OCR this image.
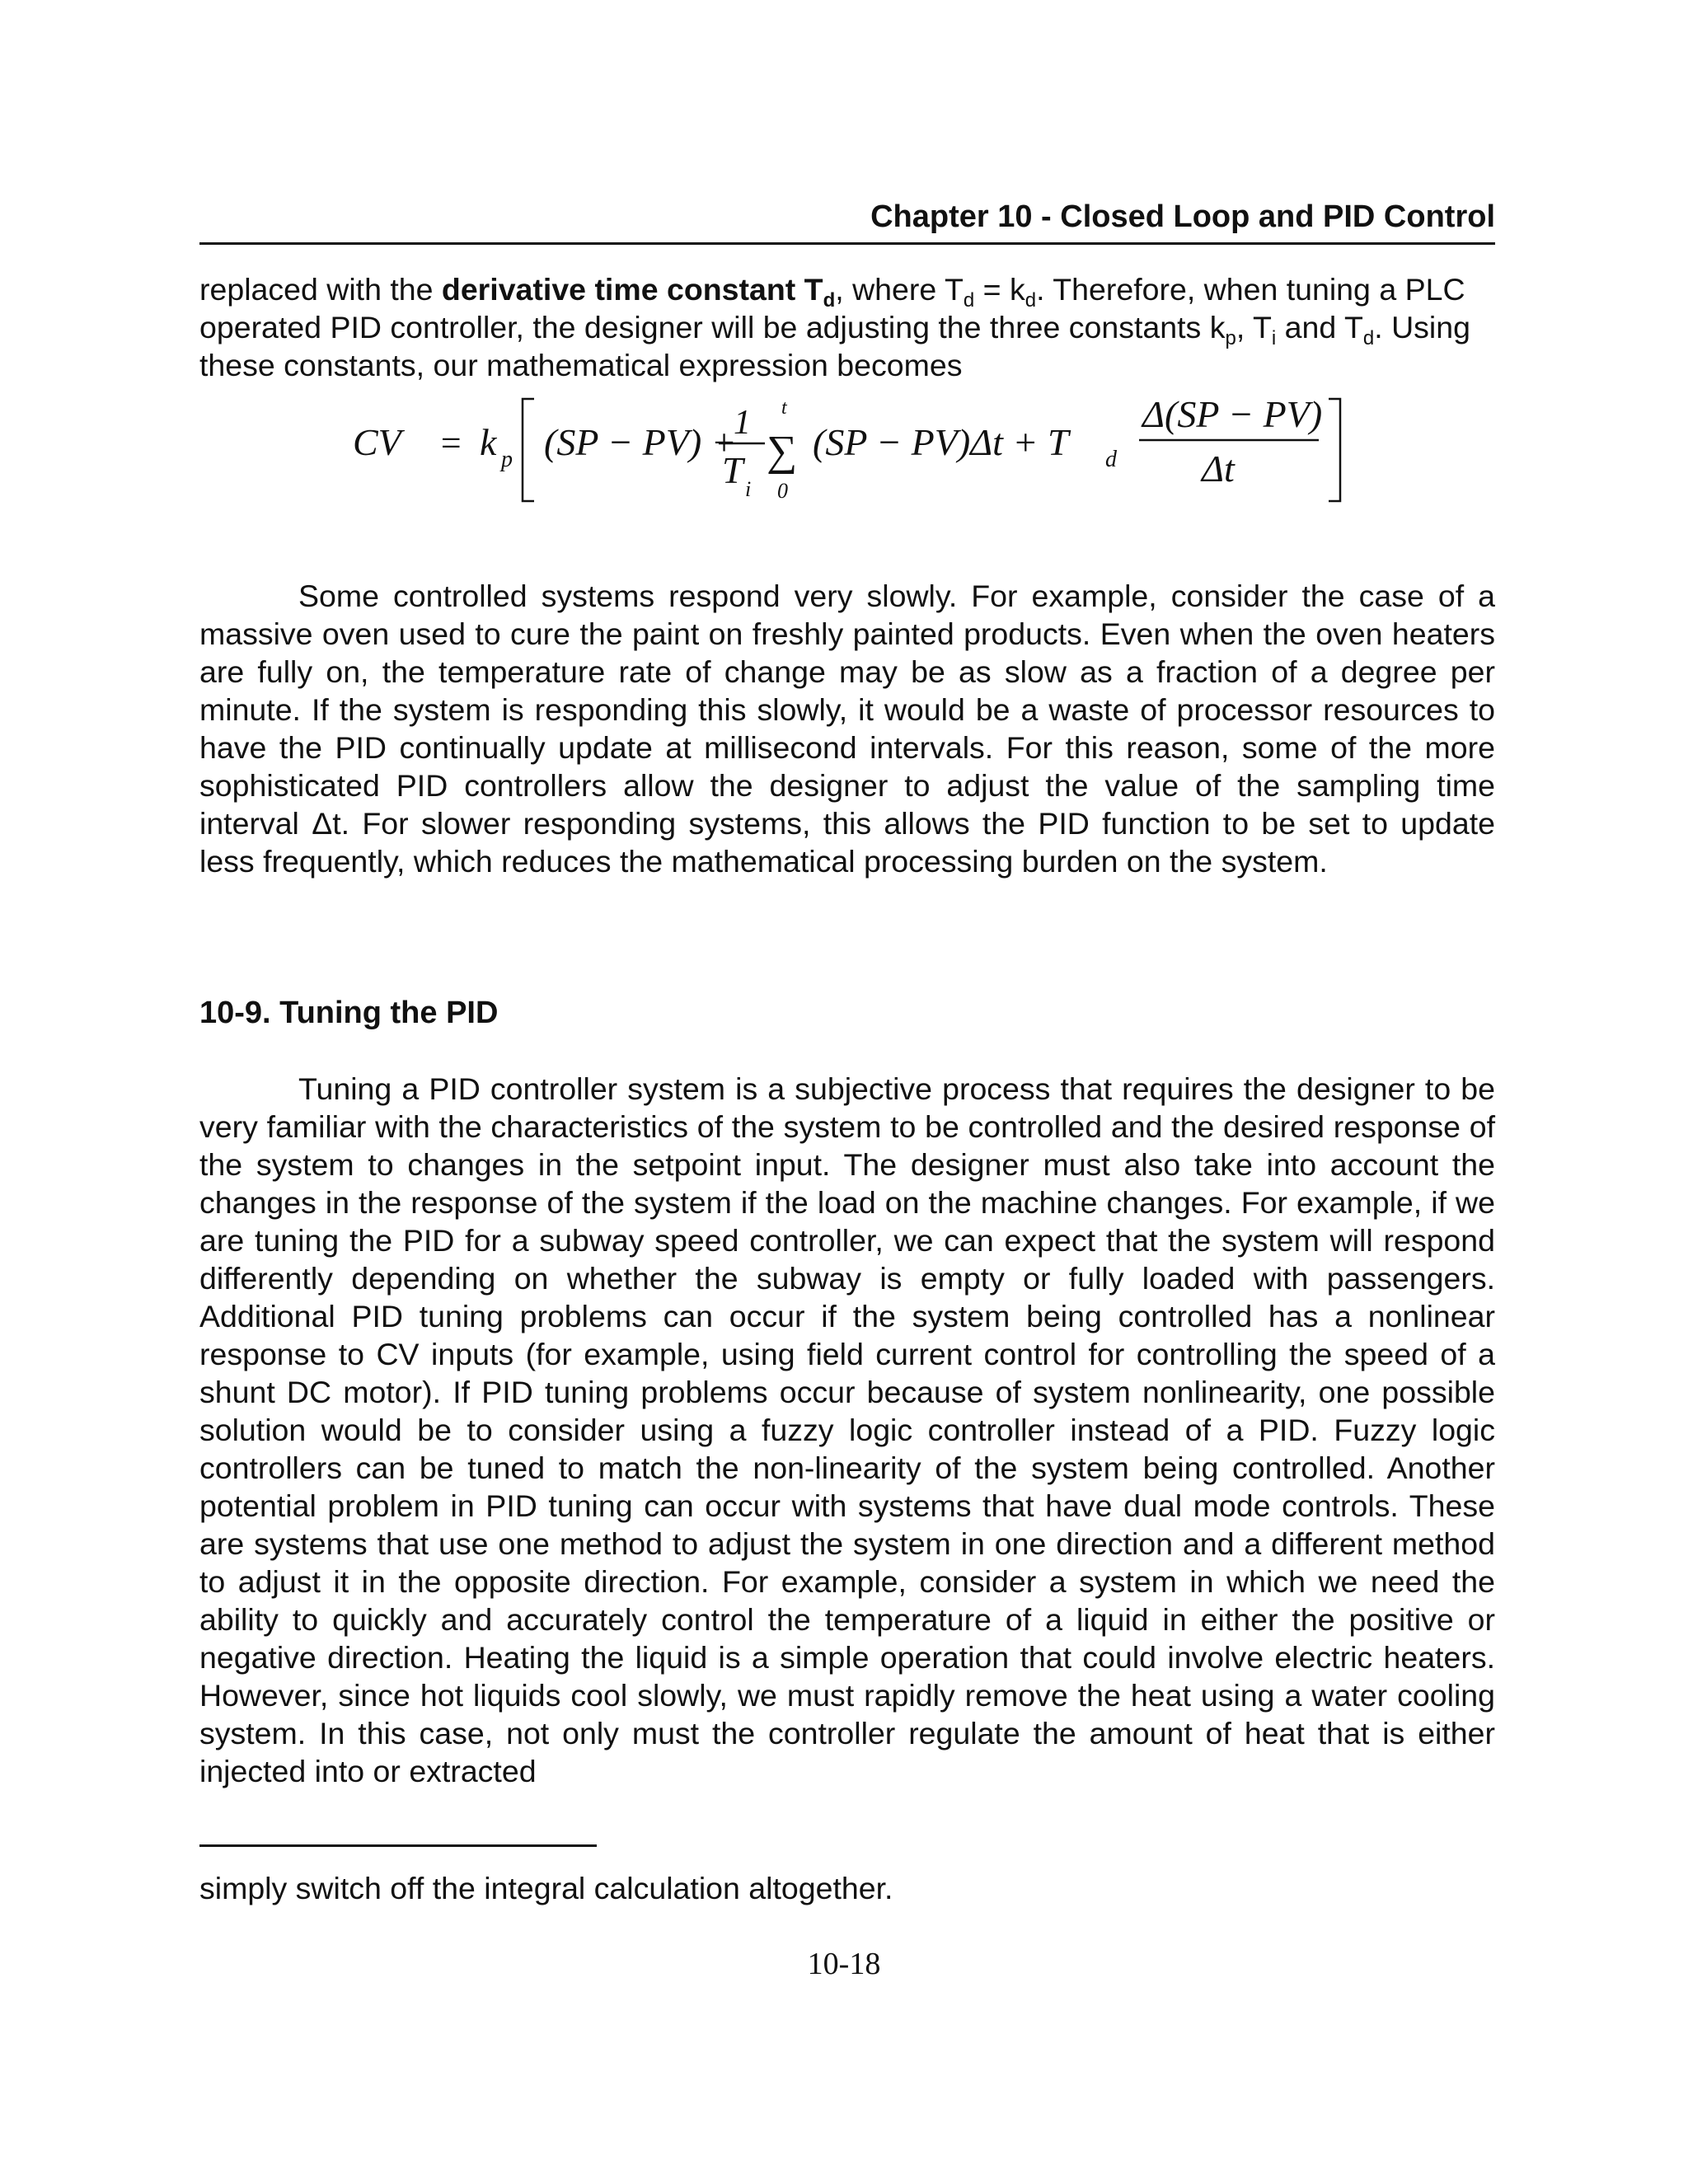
Chapter 10 - Closed Loop and PID Control
replaced with the derivative time constant $T_d$, where $T_d = k_d$. Therefore, when tuning a PLC operated PID controller, the designer will be adjusting the three constants $k_p$, $T_i$ and $T_d$. Using these constants, our mathematical expression becomes
CV = k p (SP − PV) +
1
T i
t
∑
0
(SP − PV)Δt + T d
Δ(SP − PV)
Δt
Some controlled systems respond very slowly. For example, consider the case of a massive oven used to cure the paint on freshly painted products. Even when the oven heaters are fully on, the temperature rate of change may be as slow as a fraction of a degree per minute. If the system is responding this slowly, it would be a waste of processor resources to have the PID continually update at millisecond intervals. For this reason, some of the more sophisticated PID controllers allow the designer to adjust the value of the sampling time interval Δt. For slower responding systems, this allows the PID function to be set to update less frequently, which reduces the mathematical processing burden on the system.
10-9. Tuning the PID
Tuning a PID controller system is a subjective process that requires the designer to be very familiar with the characteristics of the system to be controlled and the desired response of the system to changes in the setpoint input. The designer must also take into account the changes in the response of the system if the load on the machine changes. For example, if we are tuning the PID for a subway speed controller, we can expect that the system will respond differently depending on whether the subway is empty or fully loaded with passengers. Additional PID tuning problems can occur if the system being controlled has a nonlinear response to CV inputs (for example, using field current control for controlling the speed of a shunt DC motor). If PID tuning problems occur because of system nonlinearity, one possible solution would be to consider using a fuzzy logic controller instead of a PID. Fuzzy logic controllers can be tuned to match the non-linearity of the system being controlled. Another potential problem in PID tuning can occur with systems that have dual mode controls. These are systems that use one method to adjust the system in one direction and a different method to adjust it in the opposite direction. For example, consider a system in which we need the ability to quickly and accurately control the temperature of a liquid in either the positive or negative direction. Heating the liquid is a simple operation that could involve electric heaters. However, since hot liquids cool slowly, we must rapidly remove the heat using a water cooling system. In this case, not only must the controller regulate the amount of heat that is either injected into or extracted
simply switch off the integral calculation altogether.
10-18
